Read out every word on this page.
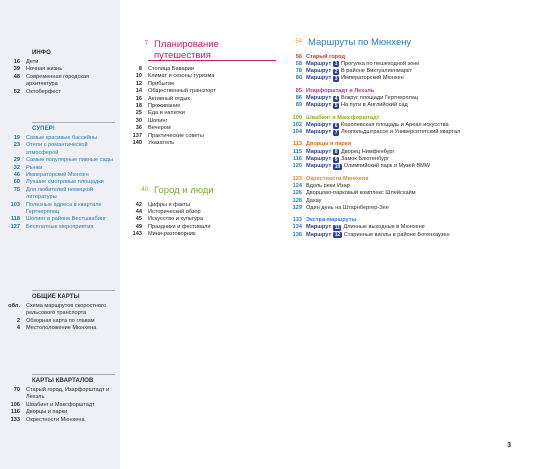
ИНФО
16	Дети
39	Ночная жизнь
48	Современная городская архитектура
52	Октоберфест
СУПЕР!
19	Самые красивые бассейны
23	Отели с романтической атмосферой
29	Самые популярные пивные сады
32	Рынки
46	Императорский Мюнхен
60	Лучшие смотровые площадки
75	Для любителей немецкой литературы
103	Полезные адреса в квартале Гертнерплац
118	Шопинг в районе Вестшвабинг
127	Бесплатные мероприятия
ОБЩИЕ КАРТЫ
обл.	Схема маршрутов скоростного рельсового транспорта
2	Обзорная карта по главам
4	Местоположение Мюнхена
КАРТЫ КВАРТАЛОВ
70	Старый город, Изарфорштадт и Лехэль
106	Швабинг и Максфорштадт
116	Дворцы и парки
133	Окрестности Мюнхена
7 Планирование
путешествия
8	Столица Баварии
10	Климат и сезоны туризма
12	Прибытие
14	Общественный транспорт
16	Активный отдых
18	Проживание
25	Еда и напитки
30	Шопинг
36	Вечером
137	Практические советы
140	Указатель
40 Город и люди
42	Цифры и факты
44	Исторический обзор
45	Искусство и культура
49	Праздники и фестивали
143	Мини-разговорник
54 Маршруты по Мюнхену
56 Старый город
58 Маршрут 1 Прогулка по пешеходной зоне
78 Маршрут 2 В районе Виктуалиенмаркт
80 Маршрут 3 Императорский Мюнхен
85 Изарфорштадт и Лехэль
86 Маршрут 4 Вокруг площади Гертнерплац
89 Маршрут 5 На пути в Английский сад
100 Швабинг и Максфорштадт
102 Маршрут 6 Королевская площадь и Ареал искусства
104 Маршрут 7 Леопольдштрассе и Университетский квартал
113 Дворцы и парки
115 Маршрут 8 Дворец Нимфенбург
116 Маршрут 9 Замок Блютенбург
120 Маршрут 10 Олимпийский парк и Музей BMW
123 Окрестности Мюнхена
124 Вдоль реки Изар
126 Дворцово-парковый комплекс Шлейсхайм
128 Дахау
129 Один день на Штарнбергер-Зее
133 Экстра-маршруты
134 Маршрут 11 Длинные выходные в Мюнхене
136 Маршрут 12 Старинные виллы в районе Богенхаузен
3
